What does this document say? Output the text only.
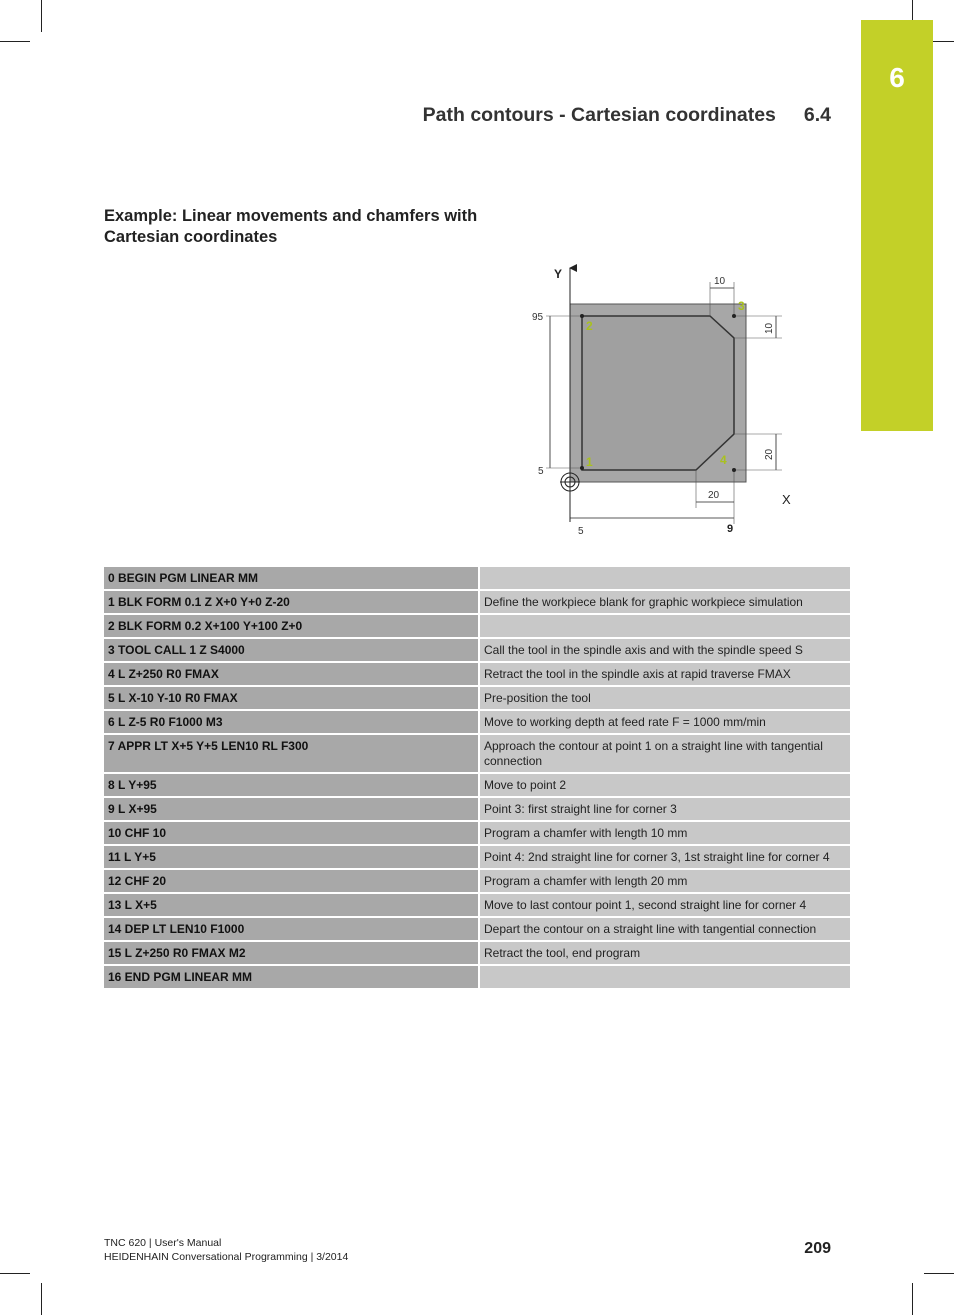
6
Path contours - Cartesian coordinates 6.4
Example: Linear movements and chamfers with
Cartesian coordinates
Y
X
95
5
5	9
20
10
10
20
1
2
3
4
0 BEGIN PGM LINEAR MM	
1 BLK FORM 0.1 Z X+0 Y+0 Z-20	Define the workpiece blank for graphic workpiece simulation
2 BLK FORM 0.2 X+100 Y+100 Z+0	
3 TOOL CALL 1 Z S4000	Call the tool in the spindle axis and with the spindle speed S
4 L Z+250 R0 FMAX	Retract the tool in the spindle axis at rapid traverse FMAX
5 L X-10 Y-10 R0 FMAX	Pre-position the tool
6 L Z-5 R0 F1000 M3	Move to working depth at feed rate F = 1000 mm/min
7 APPR LT X+5 Y+5 LEN10 RL F300	Approach the contour at point 1 on a straight line with tangential connection
8 L Y+95	Move to point 2
9 L X+95	Point 3: first straight line for corner 3
10 CHF 10	Program a chamfer with length 10 mm
11 L Y+5	Point 4: 2nd straight line for corner 3, 1st straight line for corner 4
12 CHF 20	Program a chamfer with length 20 mm
13 L X+5	Move to last contour point 1, second straight line for corner 4
14 DEP LT LEN10 F1000	Depart the contour on a straight line with tangential connection
15 L Z+250 R0 FMAX M2	Retract the tool, end program
16 END PGM LINEAR MM	
TNC 620 | User's Manual
HEIDENHAIN Conversational Programming | 3/2014	209
